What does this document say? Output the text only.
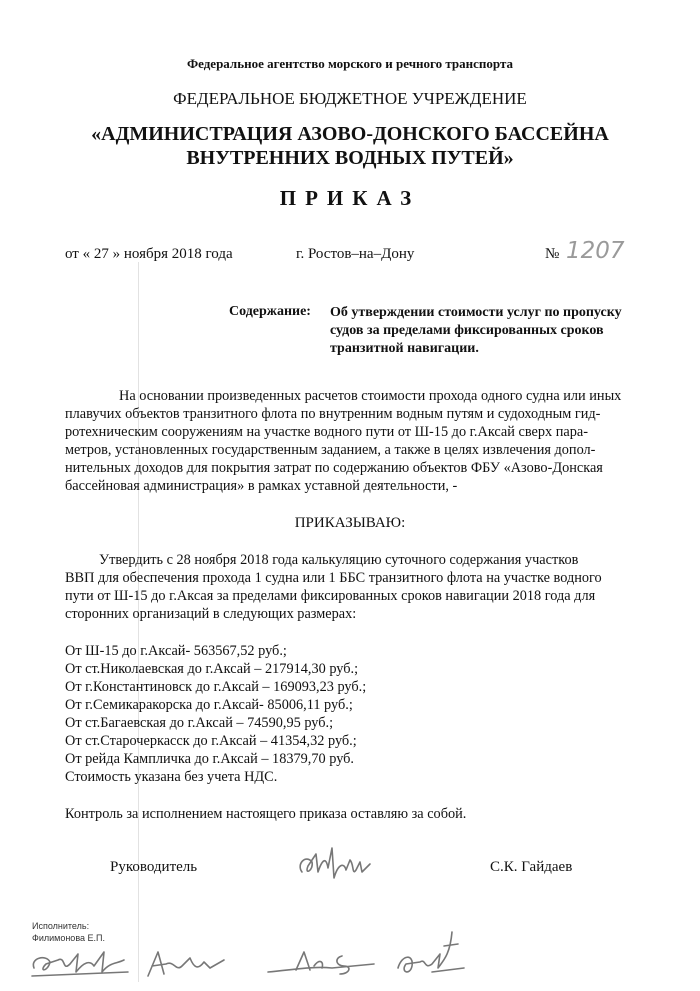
Федеральное агентство морского и речного транспорта
ФЕДЕРАЛЬНОЕ БЮДЖЕТНОЕ УЧРЕЖДЕНИЕ
«АДМИНИСТРАЦИЯ АЗОВО-ДОНСКОГО БАССЕЙНА
ВНУТРЕННИХ ВОДНЫХ ПУТЕЙ»
ПРИКАЗ
от « 27 » ноября 2018 года	г. Ростов–на–Дону	№ 1207
Содержание: Об утверждении стоимости услуг по пропуску
судов за пределами фиксированных сроков
транзитной навигации.
На основании произведенных расчетов стоимости прохода одного судна или иных
плавучих объектов транзитного флота по внутренним водным путям и судоходным гид-
ротехническим сооружениям на участке водного пути от Ш-15 до г.Аксай сверх пара-
метров, установленных государственным заданием, а также в целях извлечения допол-
нительных доходов для покрытия затрат по содержанию объектов ФБУ «Азово-Донская
бассейновая администрация» в рамках уставной деятельности, -
ПРИКАЗЫВАЮ:
Утвердить с 28 ноября 2018 года калькуляцию суточного содержания участков
ВВП для обеспечения прохода 1 судна или 1 ББС транзитного флота на участке водного
пути от Ш-15 до г.Аксая за пределами фиксированных сроков навигации 2018 года для
сторонних организаций в следующих размерах:
От Ш-15 до г.Аксай- 563567,52 руб.;
От ст.Николаевская до г.Аксай – 217914,30 руб.;
От г.Константиновск до г.Аксай – 169093,23 руб.;
От г.Семикаракорска до г.Аксай- 85006,11 руб.;
От ст.Багаевская до г.Аксай – 74590,95 руб.;
От ст.Старочеркасск до г.Аксай – 41354,32 руб.;
От рейда Кампличка до г.Аксай – 18379,70 руб.
Стоимость указана без учета НДС.
Контроль за исполнением настоящего приказа оставляю за собой.
Руководитель	С.К. Гайдаев
Исполнитель:
Филимонова Е.П.
